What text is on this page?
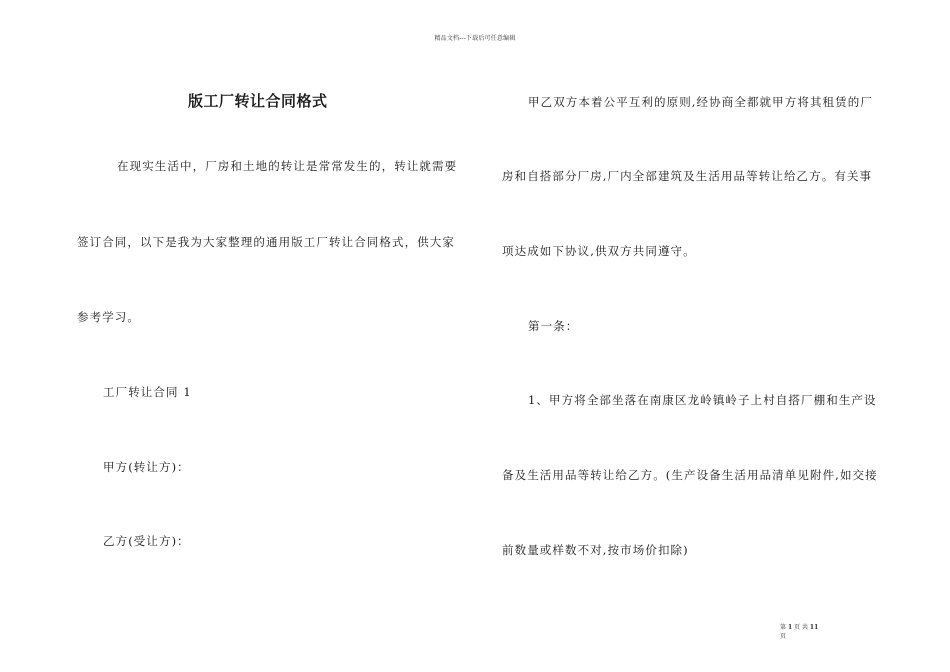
精品文档---下载后可任意编辑
版工厂转让合同格式
在现实生活中，厂房和土地的转让是常常发生的，转让就需要
签订合同，以下是我为大家整理的通用版工厂转让合同格式，供大家
参考学习。
工厂转让合同 1
甲方(转让方)：
乙方(受让方)：
甲乙双方本着公平互利的原则,经协商全都就甲方将其租赁的厂
房和自搭部分厂房,厂内全部建筑及生活用品等转让给乙方。有关事
项达成如下协议,供双方共同遵守。
第一条：
1、甲方将全部坐落在南康区龙岭镇岭子上村自搭厂棚和生产设
备及生活用品等转让给乙方。(生产设备生活用品清单见附件,如交接
前数量或样数不对,按市场价扣除)
第 1 页 共 11
页
